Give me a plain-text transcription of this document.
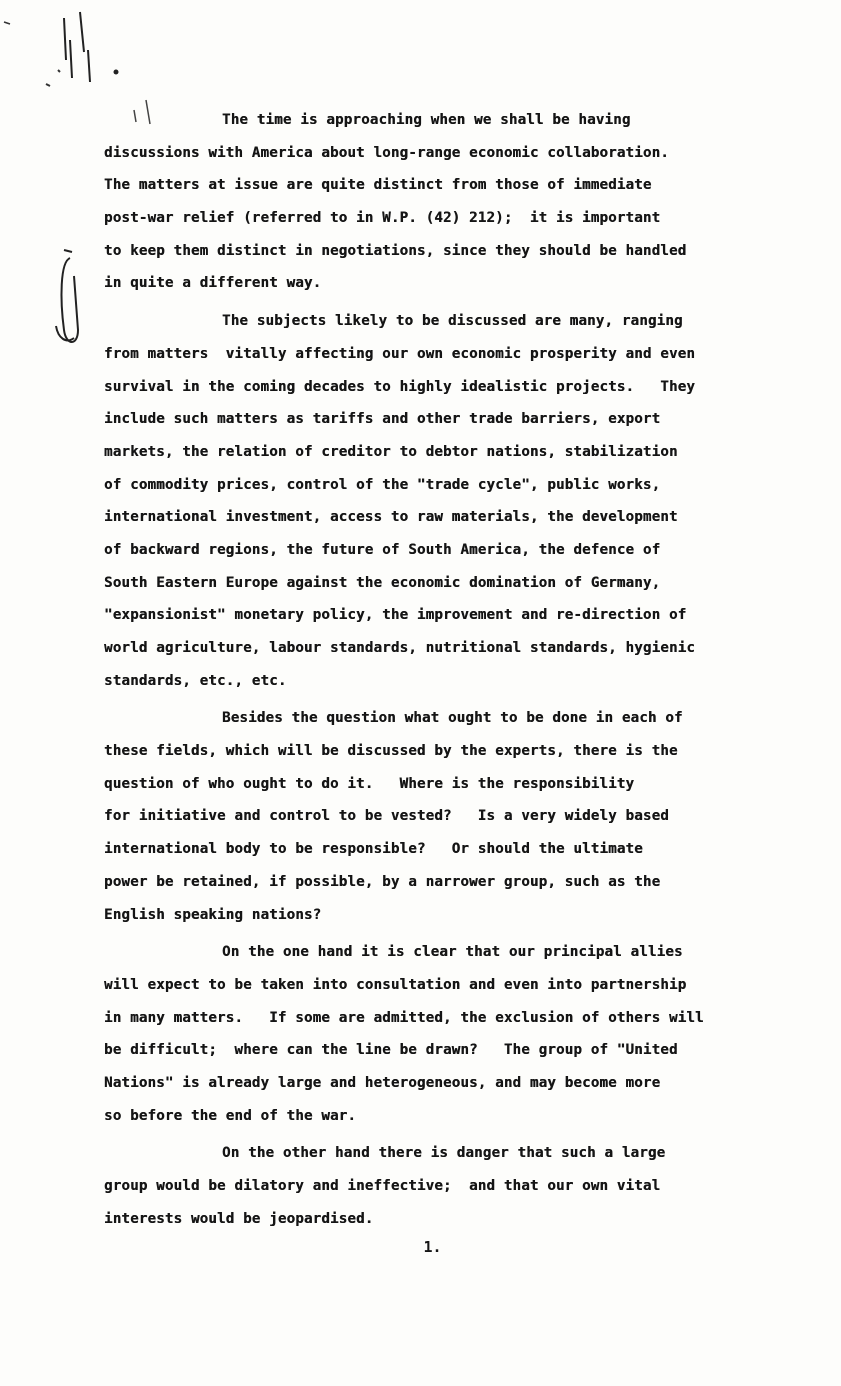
The time is approaching when we shall be having
discussions with America about long-range economic collaboration.
The matters at issue are quite distinct from those of immediate
post-war relief (referred to in W.P. (42) 212);  it is important
to keep them distinct in negotiations, since they should be handled
in quite a different way.
The subjects likely to be discussed are many, ranging
from matters  vitally affecting our own economic prosperity and even
survival in the coming decades to highly idealistic projects.   They
include such matters as tariffs and other trade barriers, export
markets, the relation of creditor to debtor nations, stabilization
of commodity prices, control of the "trade cycle", public works,
international investment, access to raw materials, the development
of backward regions, the future of South America, the defence of
South Eastern Europe against the economic domination of Germany,
"expansionist" monetary policy, the improvement and re-direction of
world agriculture, labour standards, nutritional standards, hygienic
standards, etc., etc.
Besides the question what ought to be done in each of
these fields, which will be discussed by the experts, there is the
question of who ought to do it.   Where is the responsibility
for initiative and control to be vested?   Is a very widely based
international body to be responsible?   Or should the ultimate
power be retained, if possible, by a narrower group, such as the
English speaking nations?
On the one hand it is clear that our principal allies
will expect to be taken into consultation and even into partnership
in many matters.   If some are admitted, the exclusion of others will
be difficult;  where can the line be drawn?   The group of "United
Nations" is already large and heterogeneous, and may become more
so before the end of the war.
On the other hand there is danger that such a large
group would be dilatory and ineffective;  and that our own vital
interests would be jeopardised.
1.
